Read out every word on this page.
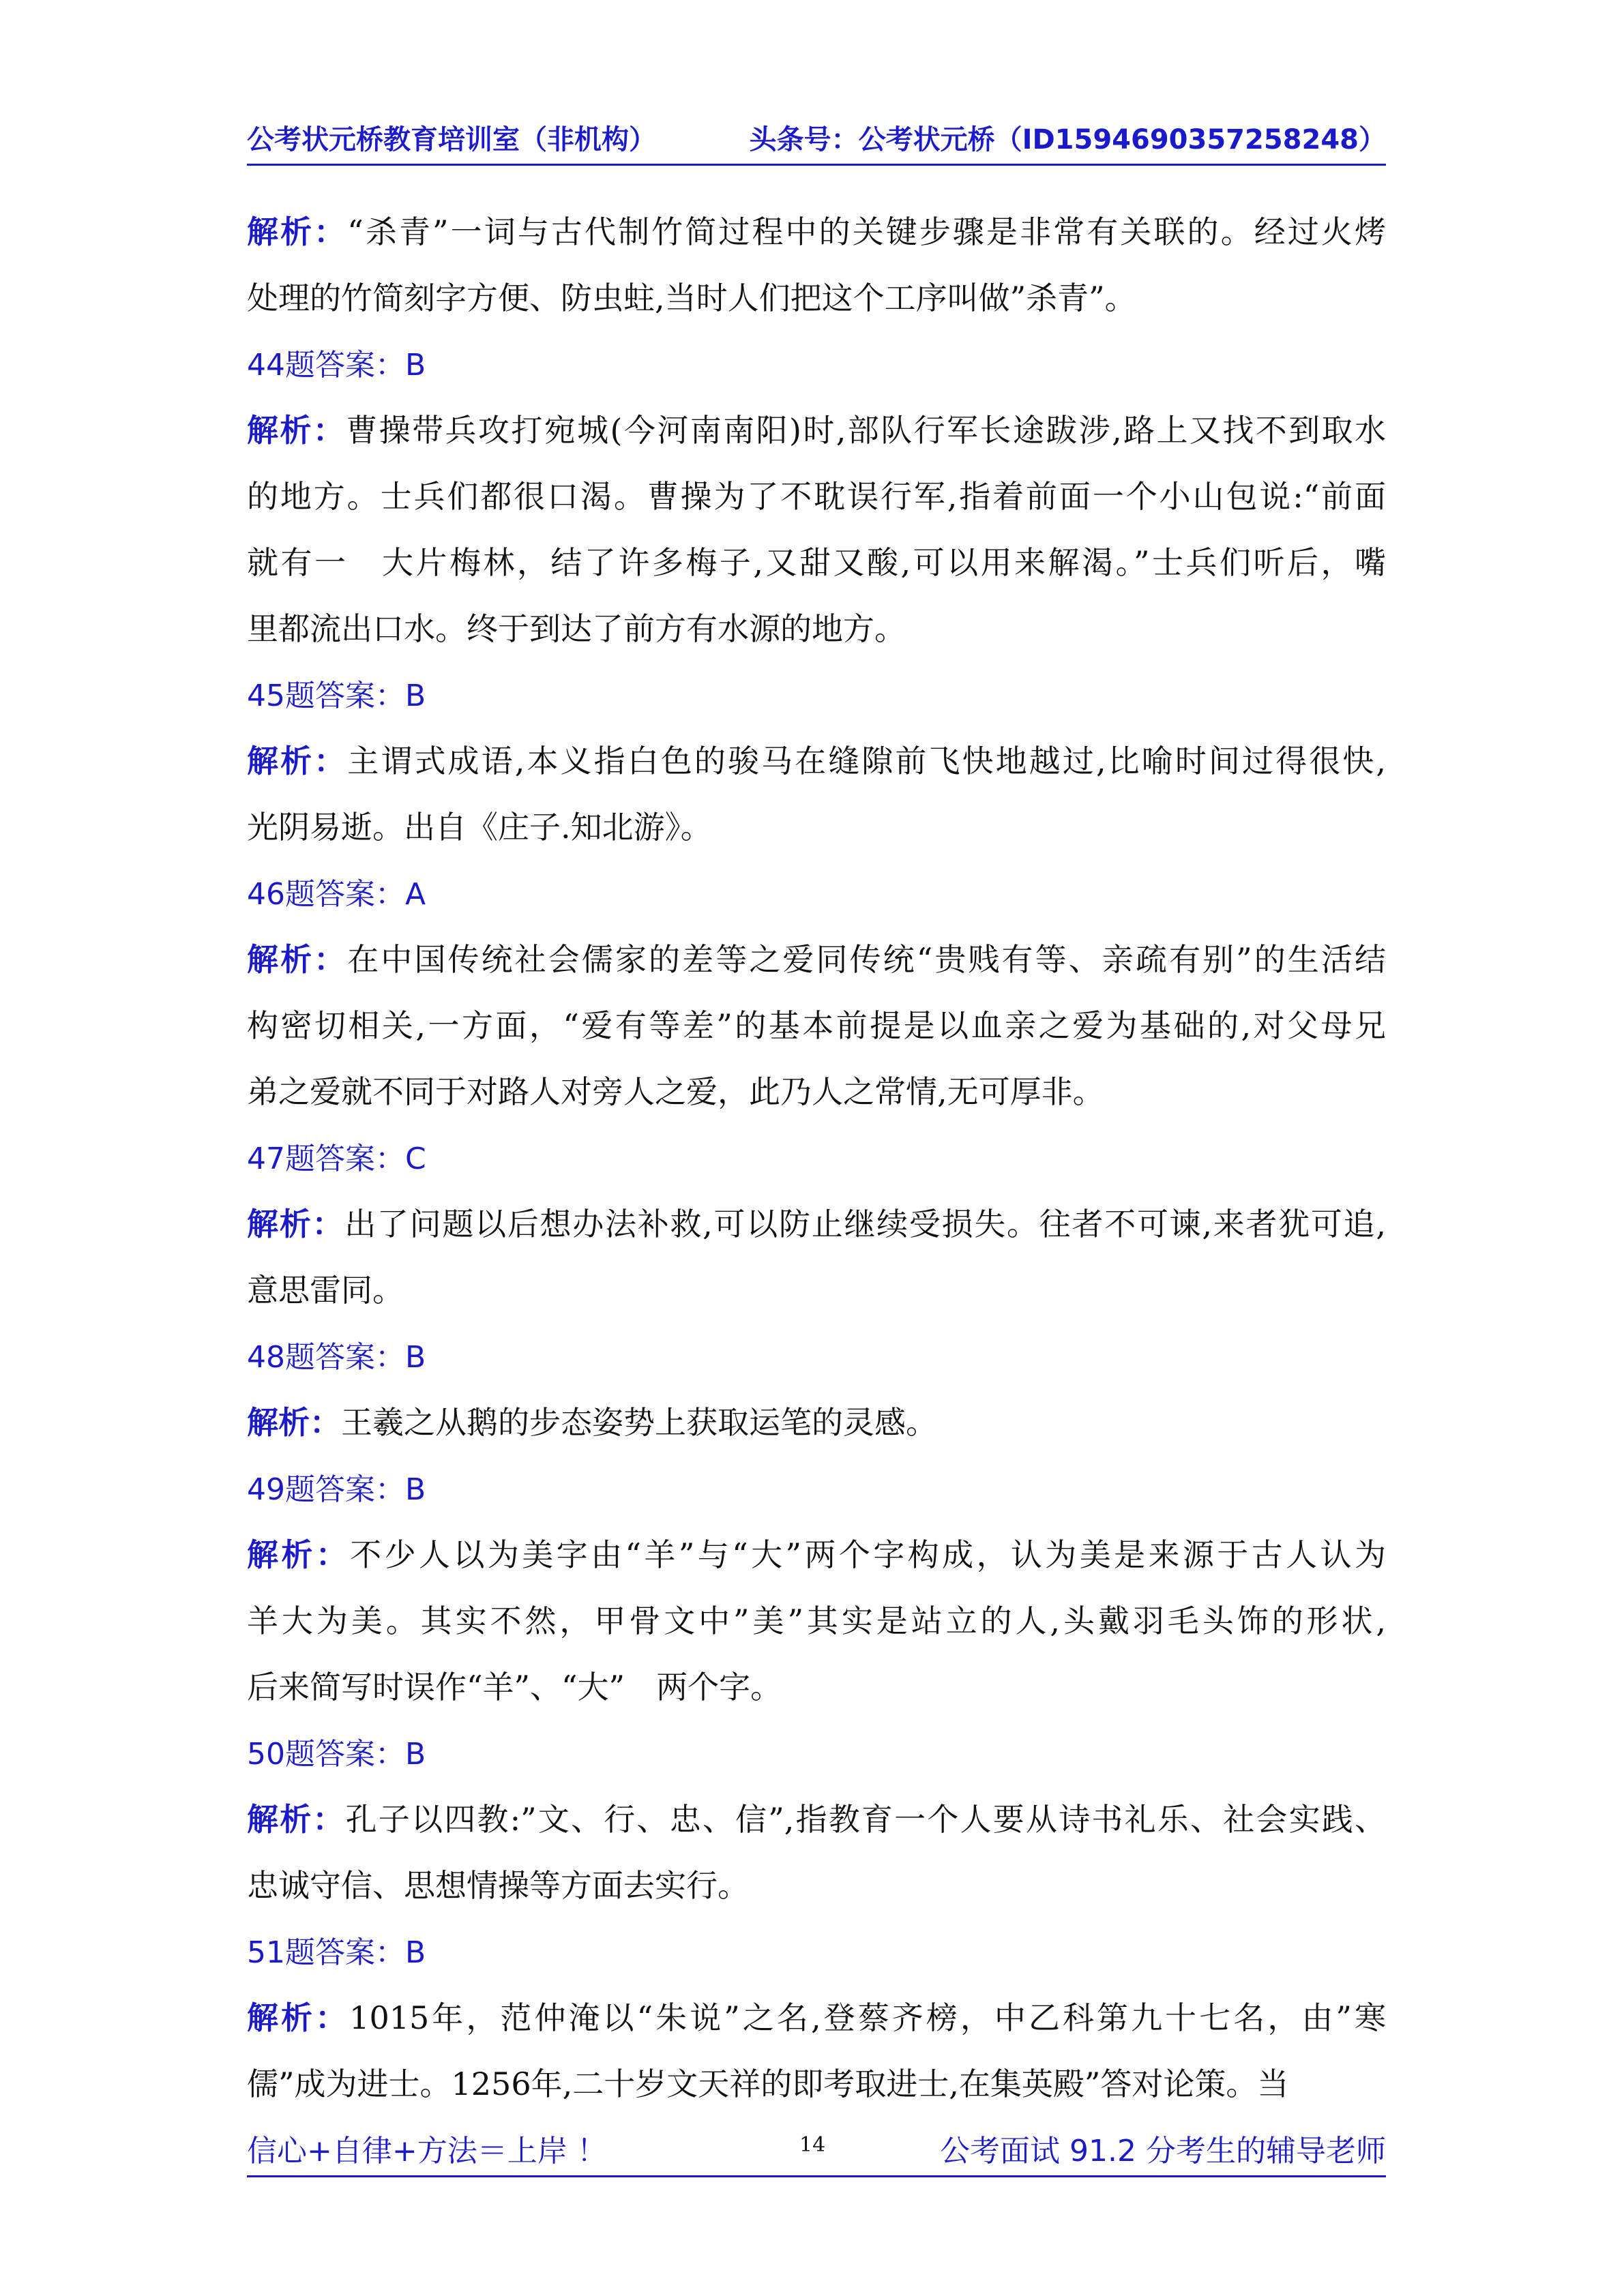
公考状元桥教育培训室（非机构）	头条号：公考状元桥（ID1594690357258248）
解析：“杀青”一词与古代制竹简过程中的关键步骤是非常有关联的。经过火烤
处理的竹简刻字方便、防虫蛀,当时人们把这个工序叫做”杀青”。
44题答案：B
解析：曹操带兵攻打宛城(今河南南阳)时,部队行军长途跋涉,路上又找不到取水
的地方。士兵们都很口渴。曹操为了不耽误行军,指着前面一个小山包说:“前面
就有一　大片梅林，结了许多梅子,又甜又酸,可以用来解渴。”士兵们听后，嘴
里都流出口水。终于到达了前方有水源的地方。
45题答案：B
解析：主谓式成语,本义指白色的骏马在缝隙前飞快地越过,比喻时间过得很快,
光阴易逝。出自《庄子.知北游》。
46题答案：A
解析：在中国传统社会儒家的差等之爱同传统“贵贱有等、亲疏有别”的生活结
构密切相关,一方面，“爱有等差”的基本前提是以血亲之爱为基础的,对父母兄
弟之爱就不同于对路人对旁人之爱，此乃人之常情,无可厚非。
47题答案：C
解析：出了问题以后想办法补救,可以防止继续受损失。往者不可谏,来者犹可追,
意思雷同。
48题答案：B
解析：王羲之从鹅的步态姿势上获取运笔的灵感。
49题答案：B
解析：不少人以为美字由“羊”与“大”两个字构成，认为美是来源于古人认为
羊大为美。其实不然，甲骨文中”美”其实是站立的人,头戴羽毛头饰的形状,
后来简写时误作“羊”、“大”　两个字。
50题答案：B
解析：孔子以四教:”文、行、忠、信”,指教育一个人要从诗书礼乐、社会实践、
忠诚守信、思想情操等方面去实行。
51题答案：B
解析：1015年，范仲淹以“朱说”之名,登蔡齐榜，中乙科第九十七名，由”寒
儒”成为进士。1256年,二十岁文天祥的即考取进士,在集英殿”答对论策。当
信心+自律+方法＝上岸 ！	14	公考面试 91.2 分考生的辅导老师
